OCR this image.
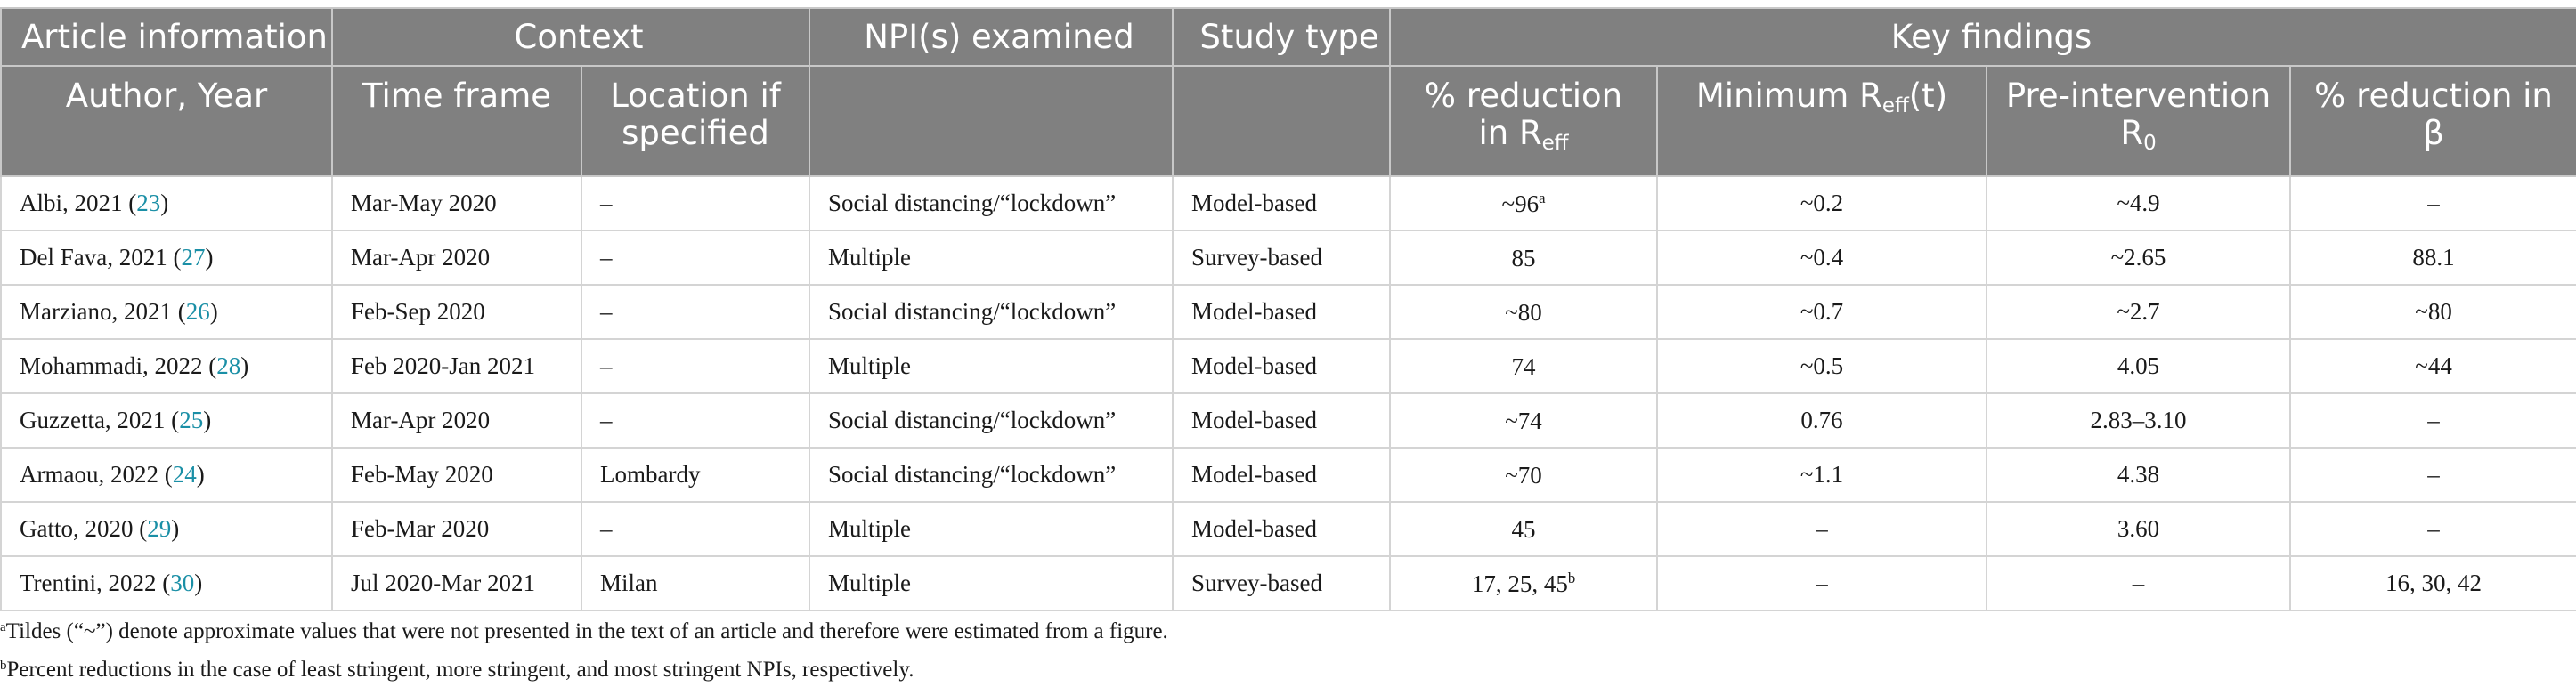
Article information	Context		NPI(s) examined	Study type	Key findings			
Author, Year	Time frame	Location if specified			% reduction in $R_{eff}$	Minimum $R_{eff}(t)$	Pre-intervention $R_0$	% reduction in β
Albi, 2021 (23)	Mar-May 2020	–	Social distancing/“lockdown”	Model-based	~96$^a$	~0.2	~4.9	–
Del Fava, 2021 (27)	Mar-Apr 2020	–	Multiple	Survey-based	85	~0.4	~2.65	88.1
Marziano, 2021 (26)	Feb-Sep 2020	–	Social distancing/“lockdown”	Model-based	~80	~0.7	~2.7	~80
Mohammadi, 2022 (28)	Feb 2020-Jan 2021	–	Multiple	Model-based	74	~0.5	4.05	~44
Guzzetta, 2021 (25)	Mar-Apr 2020	–	Social distancing/“lockdown”	Model-based	~74	0.76	2.83–3.10	–
Armaou, 2022 (24)	Feb-May 2020	Lombardy	Social distancing/“lockdown”	Model-based	~70	~1.1	4.38	–
Gatto, 2020 (29)	Feb-Mar 2020	–	Multiple	Model-based	45	–	3.60	–
Trentini, 2022 (30)	Jul 2020-Mar 2021	Milan	Multiple	Survey-based	17, 25, 45$^b$	–	–	16, 30, 42
$^a$Tildes (“~”) denote approximate values that were not presented in the text of an article and therefore were estimated from a figure.
$^b$Percent reductions in the case of least stringent, more stringent, and most stringent NPIs, respectively.
